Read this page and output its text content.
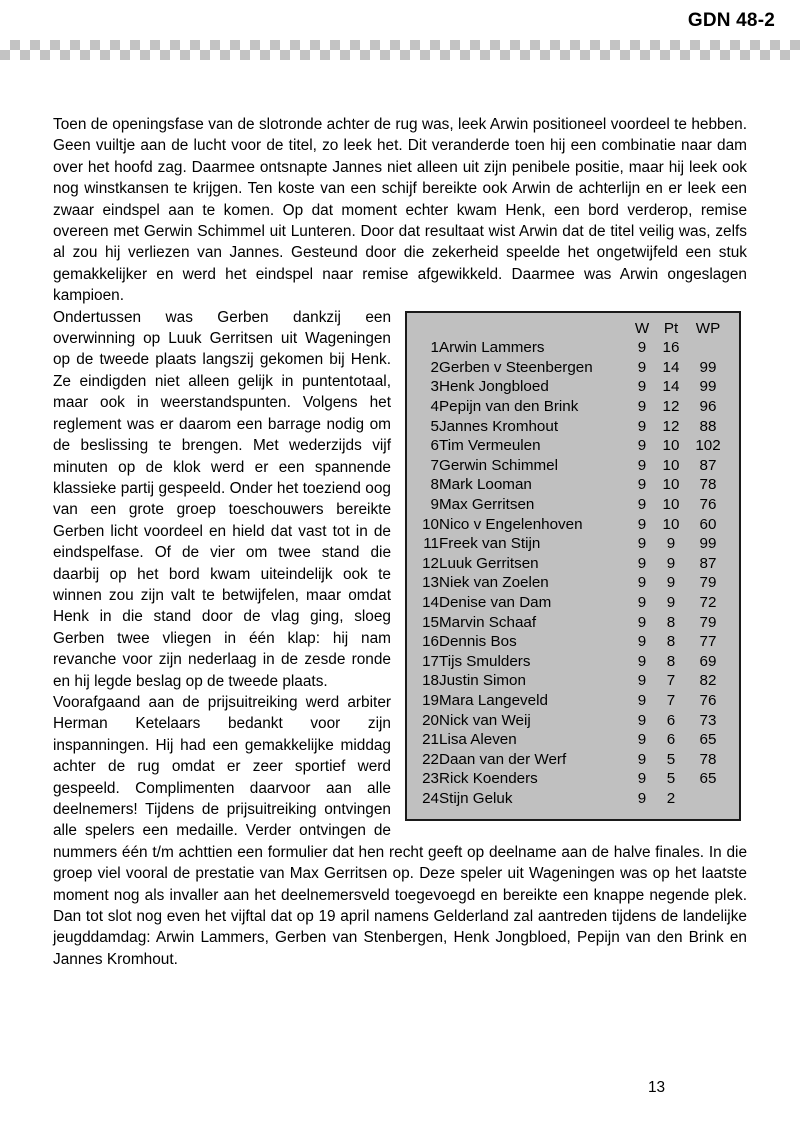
GDN 48-2

Toen de openingsfase van de slotronde achter de rug was, leek Arwin positioneel voordeel te hebben. Geen vuiltje aan de lucht voor de titel, zo leek het. Dit veranderde toen hij een combinatie naar dam over het hoofd zag. Daarmee ontsnapte Jannes niet alleen uit zijn penibele positie, maar hij leek ook nog winstkansen te krijgen. Ten koste van een schijf bereikte ook Arwin de achterlijn en er leek een zwaar eindspel aan te komen. Op dat moment echter kwam Henk, een bord verderop, remise overeen met Gerwin Schimmel uit Lunteren. Door dat resultaat wist Arwin dat de titel veilig was, zelfs al zou hij verliezen van Jannes. Gesteund door die zekerheid speelde het ongetwijfeld een stuk gemakkelijker en werd het eindspel naar remise afgewikkeld. Daarmee was Arwin ongeslagen kampioen.

		W	Pt	WP
1	Arwin Lammers	9	16	
2	Gerben v Steenbergen	9	14	99
3	Henk Jongbloed	9	14	99
4	Pepijn van den Brink	9	12	96
5	Jannes Kromhout	9	12	88
6	Tim Vermeulen	9	10	102
7	Gerwin Schimmel	9	10	87
8	Mark Looman	9	10	78
9	Max Gerritsen	9	10	76
10	Nico v Engelenhoven	9	10	60
11	Freek van Stijn	9	9	99
12	Luuk Gerritsen	9	9	87
13	Niek van Zoelen	9	9	79
14	Denise van Dam	9	9	72
15	Marvin Schaaf	9	8	79
16	Dennis Bos	9	8	77
17	Tijs Smulders	9	8	69
18	Justin Simon	9	7	82
19	Mara Langeveld	9	7	76
20	Nick van Weij	9	6	73
21	Lisa Aleven	9	6	65
22	Daan van der Werf	9	5	78
23	Rick Koenders	9	5	65
24	Stijn Geluk	9	2	

Ondertussen was Gerben dankzij een overwinning op Luuk Gerritsen uit Wageningen op de tweede plaats langszij gekomen bij Henk. Ze eindigden niet alleen gelijk in puntentotaal, maar ook in weerstandspunten. Volgens het reglement was er daarom een barrage nodig om de beslissing te brengen. Met wederzijds vijf minuten op de klok werd er een spannende klassieke partij gespeeld. Onder het toeziend oog van een grote groep toeschouwers bereikte Gerben licht voordeel en hield dat vast tot in de eindspelfase. Of de vier om twee stand die daarbij op het bord kwam uiteindelijk ook te winnen zou zijn valt te betwijfelen, maar omdat Henk in die stand door de vlag ging, sloeg Gerben twee vliegen in één klap: hij nam revanche voor zijn nederlaag in de zesde ronde en hij legde beslag op de tweede plaats.

Voorafgaand aan de prijsuitreiking werd arbiter Herman Ketelaars bedankt voor zijn inspanningen. Hij had een gemakkelijke middag achter de rug omdat er zeer sportief werd gespeeld. Complimenten daarvoor aan alle deelnemers! Tijdens de prijsuitreiking ontvingen alle spelers een medaille. Verder ontvingen de nummers één t/m achttien een formulier dat hen recht geeft op deelname aan de halve finales. In die groep viel vooral de prestatie van Max Gerritsen op. Deze speler uit Wageningen was op het laatste moment nog als invaller aan het deelnemersveld toegevoegd en bereikte een knappe negende plek. Dan tot slot nog even het vijftal dat op 19 april namens Gelderland zal aantreden tijdens de landelijke jeugddamdag: Arwin Lammers, Gerben van Stenbergen, Henk Jongbloed, Pepijn van den Brink en Jannes Kromhout.

13
